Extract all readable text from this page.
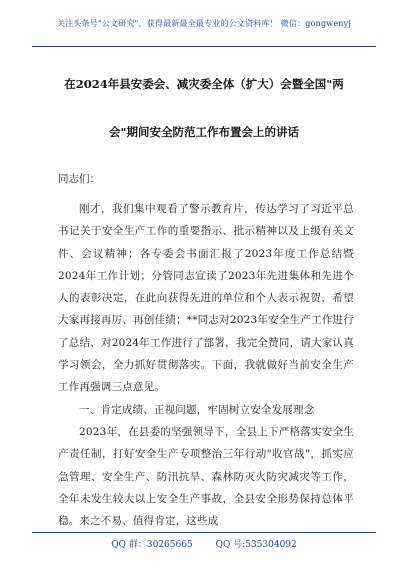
关注头条号"公文研究"，获得最新最全最专业的公文资料库！ 微信：gongwenyj
在2024年县安委会、减灾委全体（扩大）会暨全国"两
会"期间安全防范工作布置会上的讲话
同志们：

刚才，我们集中观看了警示教育片，传达学习了习近平总书记关于安全生产工作的重要指示、批示精神以及上级有关文件、会议精神；各专委会书面汇报了2023年度工作总结暨2024年工作计划；分管同志宣读了2023年先进集体和先进个人的表彰决定，在此向获得先进的单位和个人表示祝贺，希望大家再接再厉、再创佳绩；**同志对2023年安全生产工作进行了总结、对2024年工作进行了部署，我完全赞同，请大家认真学习领会，全力抓好贯彻落实。下面，我就做好当前安全生产工作再强调三点意见。

一、肯定成绩、正视问题，牢固树立安全发展理念

2023年，在县委的坚强领导下，全县上下严格落实安全生产责任制，打好安全生产专项整治三年行动"收官战"，抓实应急管理、安全生产、防汛抗旱、森林防灭火防灾减灾等工作，全年未发生较大以上安全生产事故，全县安全形势保持总体平稳。来之不易、值得肯定，这些成

QQ 群：30265665	QQ 号:535304092
